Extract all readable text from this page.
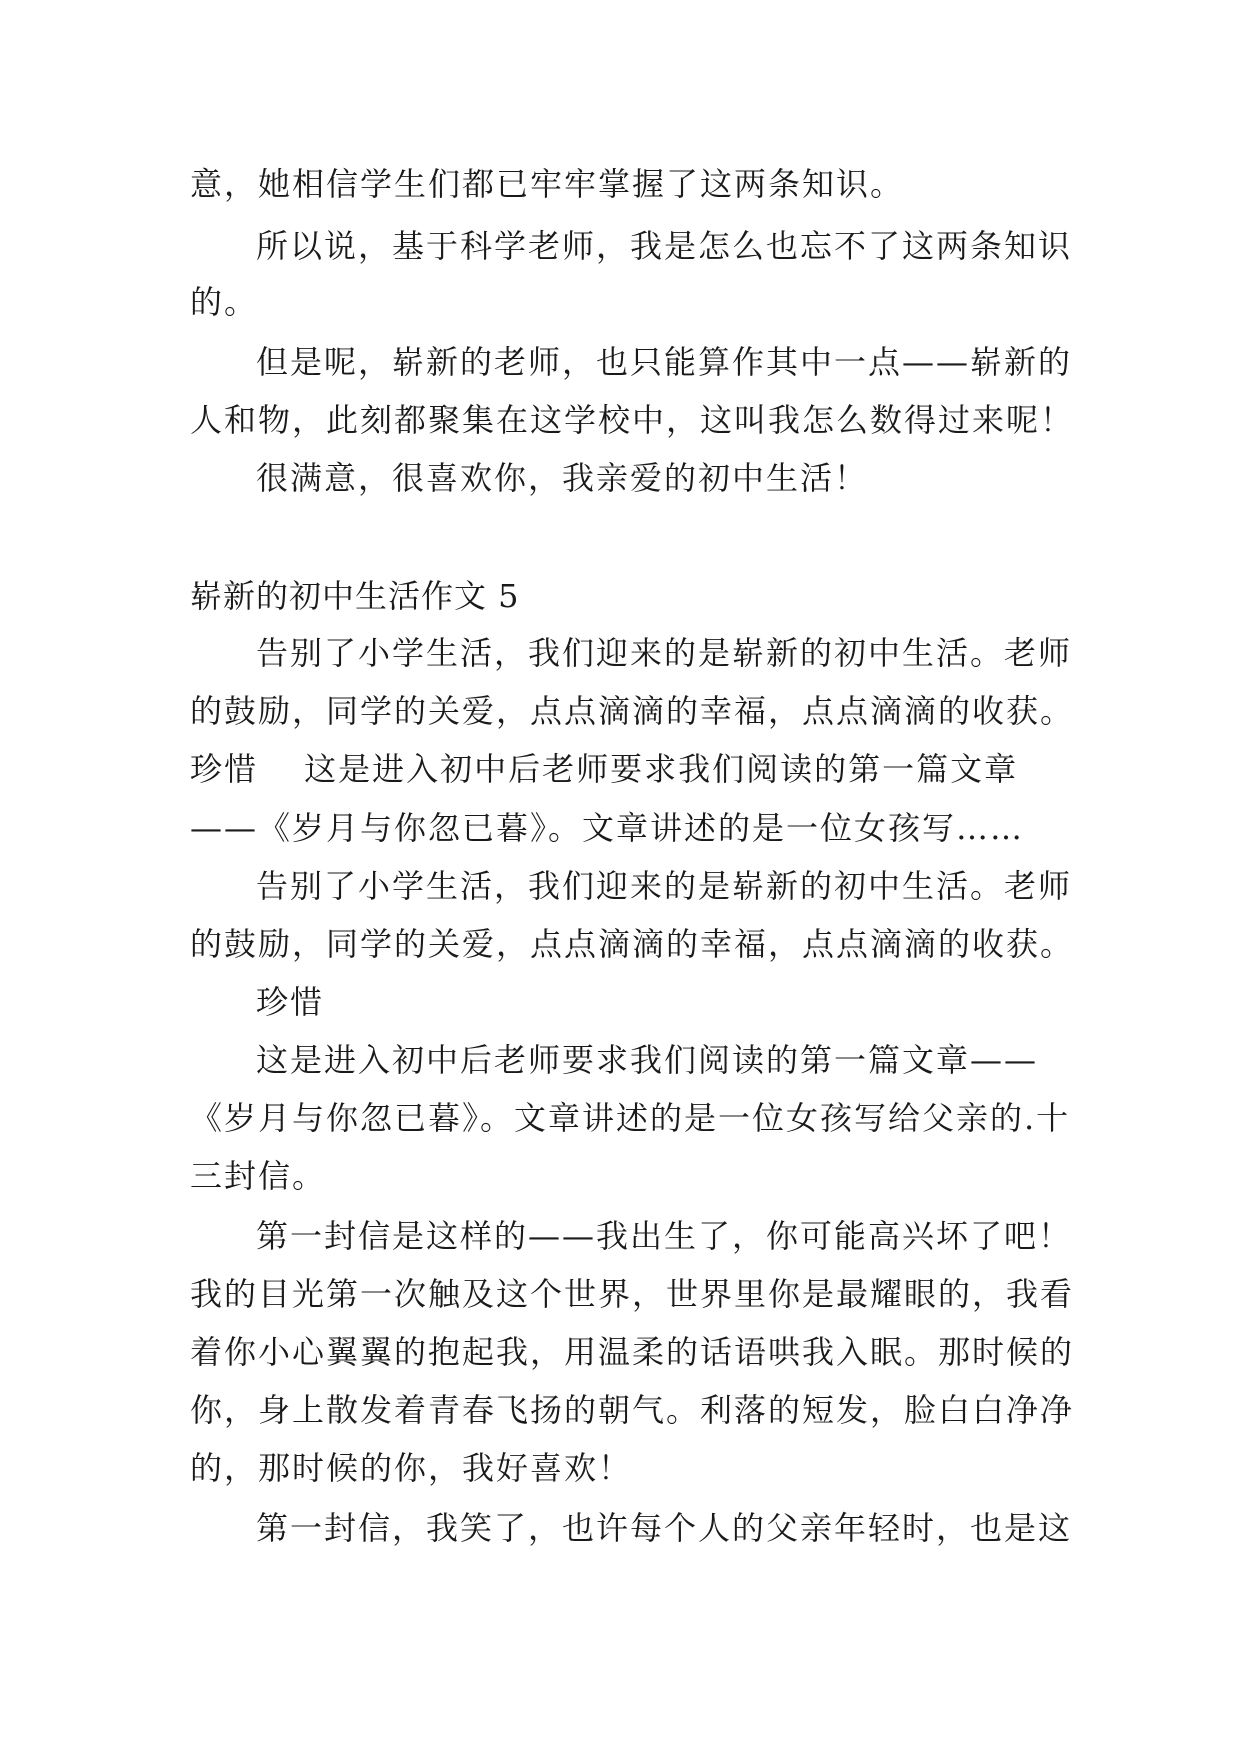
意，她相信学生们都已牢牢掌握了这两条知识。
所以说，基于科学老师，我是怎么也忘不了这两条知识
的。
但是呢，崭新的老师，也只能算作其中一点——崭新的
人和物，此刻都聚集在这学校中，这叫我怎么数得过来呢！
很满意，很喜欢你，我亲爱的初中生活！
崭新的初中生活作文 5
告别了小学生活，我们迎来的是崭新的初中生活。老师
的鼓励，同学的关爱，点点滴滴的幸福，点点滴滴的收获。
珍惜　 这是进入初中后老师要求我们阅读的第一篇文章
——《岁月与你忽已暮》。文章讲述的是一位女孩写……
告别了小学生活，我们迎来的是崭新的初中生活。老师
的鼓励，同学的关爱，点点滴滴的幸福，点点滴滴的收获。
珍惜
这是进入初中后老师要求我们阅读的第一篇文章——
《岁月与你忽已暮》。文章讲述的是一位女孩写给父亲的.十
三封信。
第一封信是这样的——我出生了，你可能高兴坏了吧！
我的目光第一次触及这个世界，世界里你是最耀眼的，我看
着你小心翼翼的抱起我，用温柔的话语哄我入眠。那时候的
你，身上散发着青春飞扬的朝气。利落的短发，脸白白净净
的，那时候的你，我好喜欢！
第一封信，我笑了，也许每个人的父亲年轻时，也是这
